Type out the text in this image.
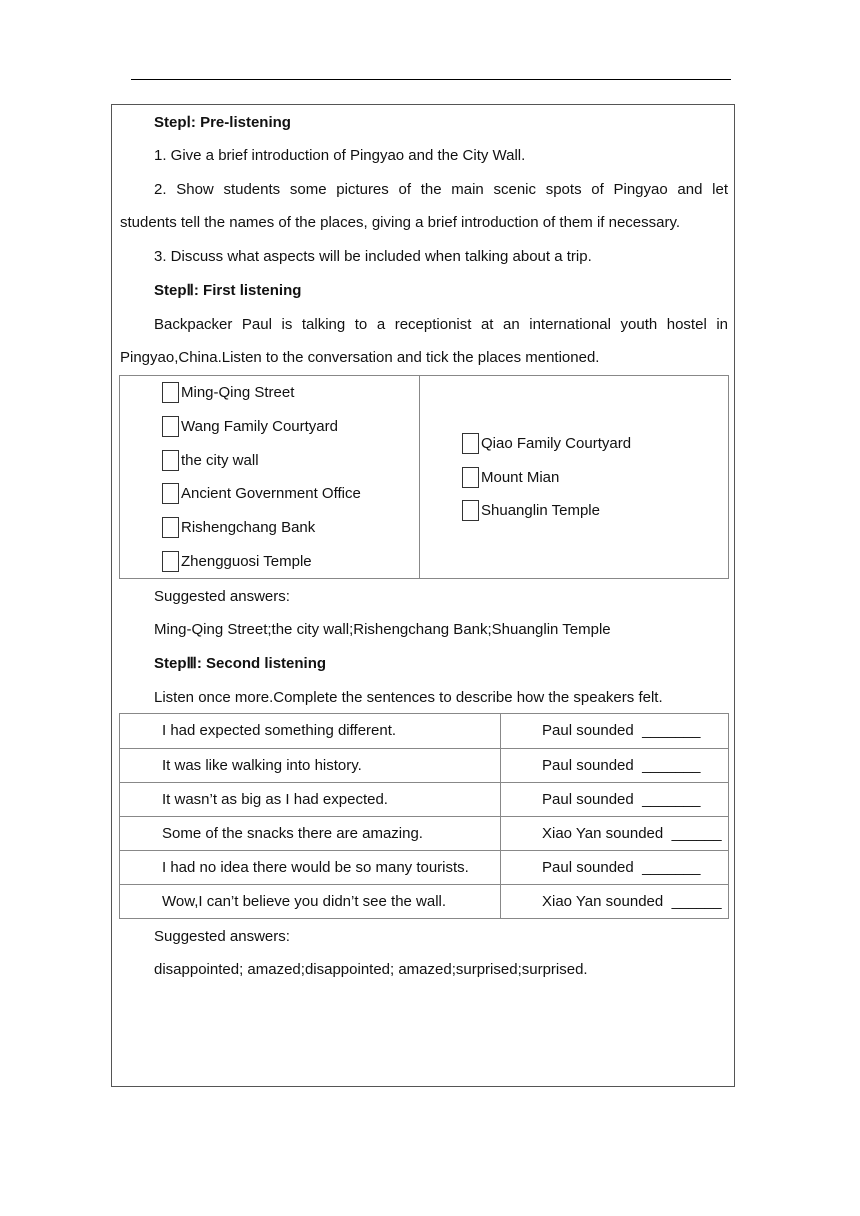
StepⅠ: Pre-listening
1. Give a brief introduction of Pingyao and the City Wall.
2. Show students some pictures of the main scenic spots of Pingyao and let
students tell the names of the places, giving a brief introduction of them if necessary.
3. Discuss what aspects will be included when talking about a trip.
StepⅡ: First listening
Backpacker Paul is talking to a receptionist at an international youth hostel in
Pingyao,China.Listen to the conversation and tick the places mentioned.
Ming-Qing Street
Wang Family Courtyard
the city wall
Ancient Government Office
Rishengchang Bank
Zhengguosi Temple
Qiao Family Courtyard
Mount Mian
Shuanglin Temple
Suggested answers:
Ming-Qing Street;the city wall;Rishengchang Bank;Shuanglin Temple
StepⅢ: Second listening
Listen once more.Complete the sentences to describe how the speakers felt.
I had expected something different.	Paul sounded _______
It was like walking into history.	Paul sounded _______
It wasn’t as big as I had expected.	Paul sounded _______
Some of the snacks there are amazing.	Xiao Yan sounded ______
I had no idea there would be so many tourists.	Paul sounded _______
Wow,I can’t believe you didn’t see the wall.	Xiao Yan sounded ______
Suggested answers:
disappointed; amazed;disappointed; amazed;surprised;surprised.
